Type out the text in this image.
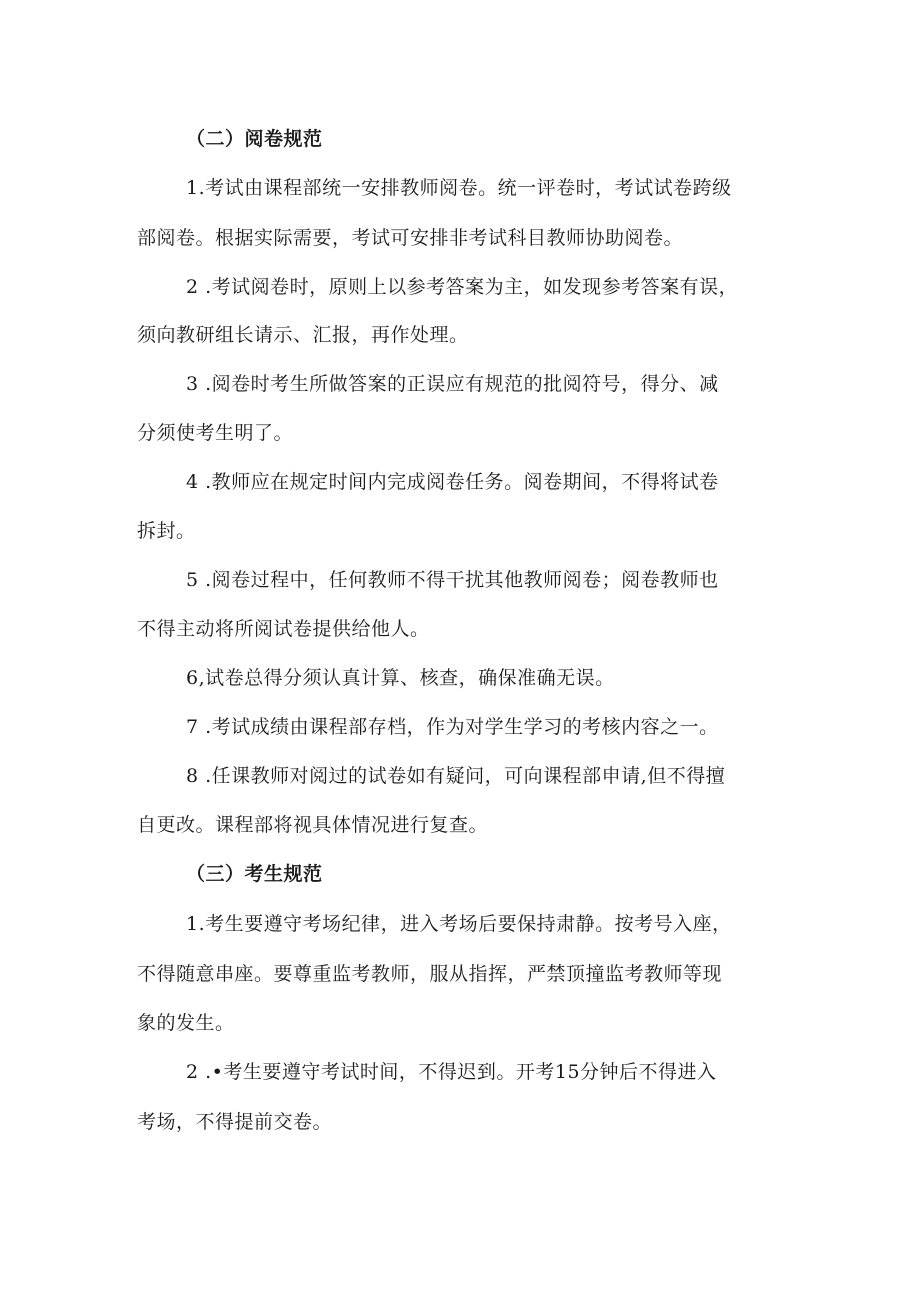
（二）阅卷规范

1.考试由课程部统一安排教师阅卷。统一评卷时，考试试卷跨级

部阅卷。根据实际需要，考试可安排非考试科目教师协助阅卷。

2 .考试阅卷时，原则上以参考答案为主，如发现参考答案有误，

须向教研组长请示、汇报，再作处理。

3 .阅卷时考生所做答案的正误应有规范的批阅符号，得分、减

分须使考生明了。

4 .教师应在规定时间内完成阅卷任务。阅卷期间，不得将试卷

拆封。

5 .阅卷过程中，任何教师不得干扰其他教师阅卷；阅卷教师也

不得主动将所阅试卷提供给他人。

6,试卷总得分须认真计算、核查，确保准确无误。

7 .考试成绩由课程部存档，作为对学生学习的考核内容之一。

8 .任课教师对阅过的试卷如有疑问，可向课程部申请,但不得擅

自更改。课程部将视具体情况进行复查。

（三）考生规范

1.考生要遵守考场纪律，进入考场后要保持肃静。按考号入座，

不得随意串座。要尊重监考教师，服从指挥，严禁顶撞监考教师等现

象的发生。

2 .•考生要遵守考试时间，不得迟到。开考15分钟后不得进入

考场，不得提前交卷。
